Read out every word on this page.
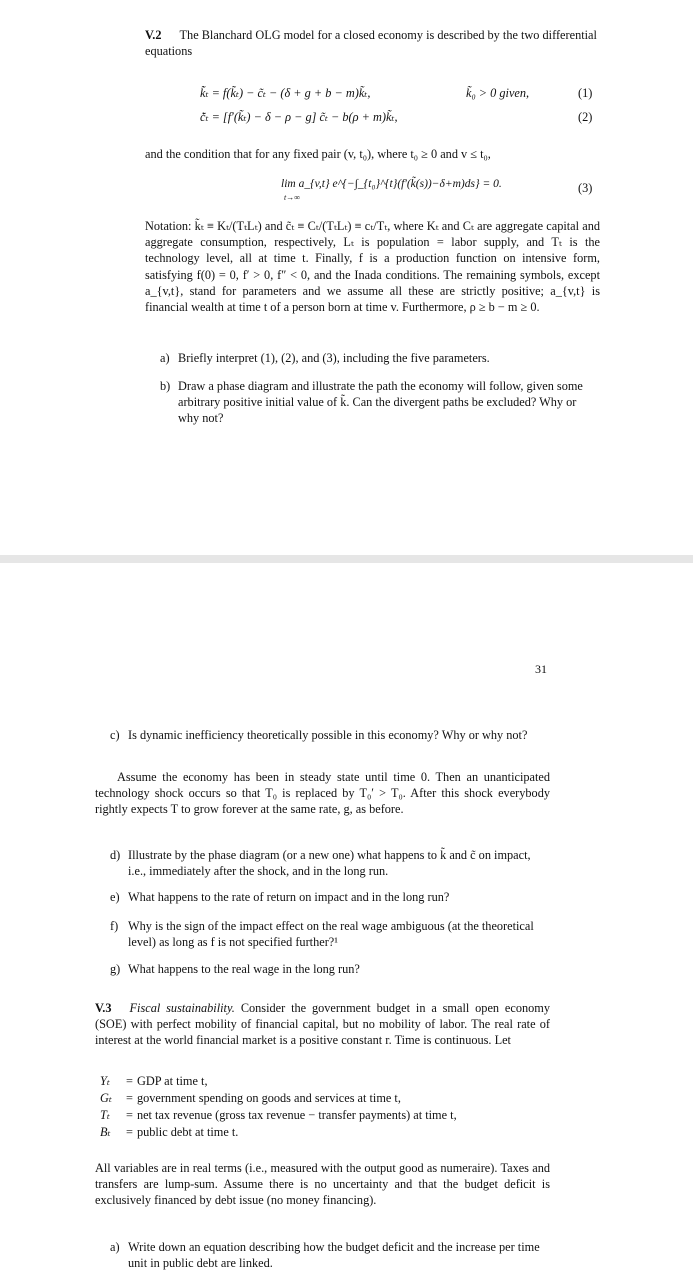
V.2 The Blanchard OLG model for a closed economy is described by the two differential equations
k̃̇ₜ = f(k̃ₜ) − c̃ₜ − (δ + g + b − m)k̃ₜ,	k̃₀ > 0 given,	(1)
c̃̇ₜ = [f′(k̃ₜ) − δ − ρ − g] c̃ₜ − b(ρ + m)k̃ₜ,	(2)
and the condition that for any fixed pair (v, t₀), where t₀ ≥ 0 and v ≤ t₀,
lim a_{v,t} e^{−∫_{t₀}^{t}(f′(k̃(s))−δ+m)ds} = 0.
t→∞
(3)
Notation: k̃ₜ ≡ Kₜ/(TₜLₜ) and c̃ₜ ≡ Cₜ/(TₜLₜ) ≡ cₜ/Tₜ, where Kₜ and Cₜ are aggregate capital and aggregate consumption, respectively, Lₜ is population = labor supply, and Tₜ is the technology level, all at time t. Finally, f is a production function on intensive form, satisfying f(0) = 0, f′ > 0, f″ < 0, and the Inada conditions. The remaining symbols, except a_{v,t}, stand for parameters and we assume all these are strictly positive; a_{v,t} is financial wealth at time t of a person born at time v. Furthermore, ρ ≥ b − m ≥ 0.
a) Briefly interpret (1), (2), and (3), including the five parameters.
b) Draw a phase diagram and illustrate the path the economy will follow, given some arbitrary positive initial value of k̃. Can the divergent paths be excluded? Why or why not?
31
c) Is dynamic inefficiency theoretically possible in this economy? Why or why not?
Assume the economy has been in steady state until time 0. Then an unanticipated technology shock occurs so that T₀ is replaced by T₀′ > T₀. After this shock everybody rightly expects T to grow forever at the same rate, g, as before.
d) Illustrate by the phase diagram (or a new one) what happens to k̃ and c̃ on impact, i.e., immediately after the shock, and in the long run.
e) What happens to the rate of return on impact and in the long run?
f) Why is the sign of the impact effect on the real wage ambiguous (at the theoretical level) as long as f is not specified further?¹
g) What happens to the real wage in the long run?
V.3 Fiscal sustainability. Consider the government budget in a small open economy (SOE) with perfect mobility of financial capital, but no mobility of labor. The real rate of interest at the world financial market is a positive constant r. Time is continuous. Let
Yₜ	=	GDP at time t,
Gₜ	=	government spending on goods and services at time t,
Tₜ	=	net tax revenue (gross tax revenue − transfer payments) at time t,
Bₜ	=	public debt at time t.
All variables are in real terms (i.e., measured with the output good as numeraire). Taxes and transfers are lump-sum. Assume there is no uncertainty and that the budget deficit is exclusively financed by debt issue (no money financing).
a) Write down an equation describing how the budget deficit and the increase per time unit in public debt are linked.
